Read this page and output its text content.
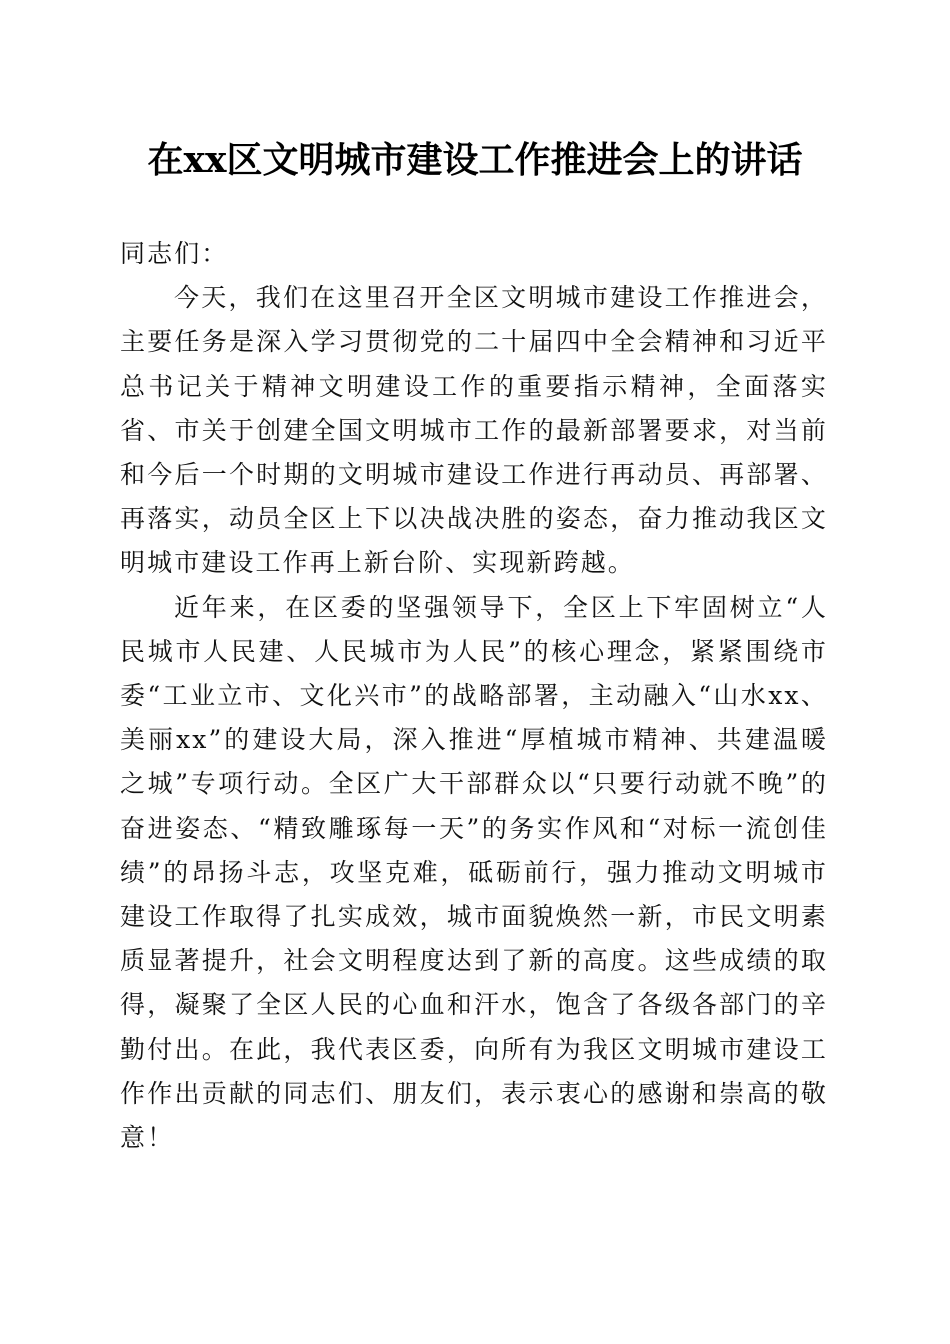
在xx区文明城市建设工作推进会上的讲话

同志们：

今天，我们在这里召开全区文明城市建设工作推进会，主要任务是深入学习贯彻党的二十届四中全会精神和习近平总书记关于精神文明建设工作的重要指示精神，全面落实省、市关于创建全国文明城市工作的最新部署要求，对当前和今后一个时期的文明城市建设工作进行再动员、再部署、再落实，动员全区上下以决战决胜的姿态，奋力推动我区文明城市建设工作再上新台阶、实现新跨越。

近年来，在区委的坚强领导下，全区上下牢固树立“人民城市人民建、人民城市为人民”的核心理念，紧紧围绕市委“工业立市、文化兴市”的战略部署，主动融入“山水xx、美丽xx”的建设大局，深入推进“厚植城市精神、共建温暖之城”专项行动。全区广大干部群众以“只要行动就不晚”的奋进姿态、“精致雕琢每一天”的务实作风和“对标一流创佳绩”的昂扬斗志，攻坚克难，砥砺前行，强力推动文明城市建设工作取得了扎实成效，城市面貌焕然一新，市民文明素质显著提升，社会文明程度达到了新的高度。这些成绩的取得，凝聚了全区人民的心血和汗水，饱含了各级各部门的辛勤付出。在此，我代表区委，向所有为我区文明城市建设工作作出贡献的同志们、朋友们，表示衷心的感谢和崇高的敬意！
